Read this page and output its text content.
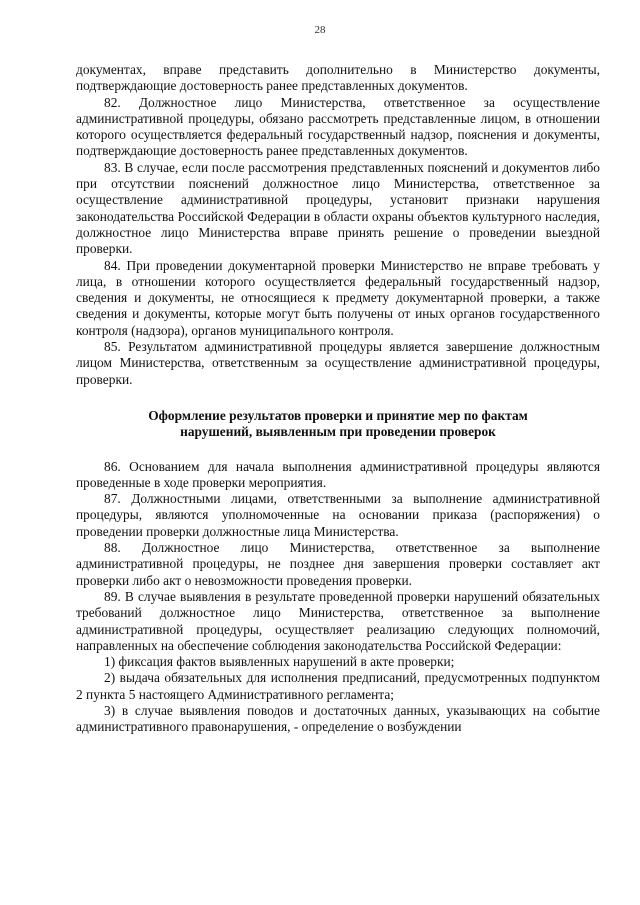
28

документах, вправе представить дополнительно в Министерство документы, подтверждающие достоверность ранее представленных документов.

82. Должностное лицо Министерства, ответственное за осуществление административной процедуры, обязано рассмотреть представленные лицом, в отношении которого осуществляется федеральный государственный надзор, пояснения и документы, подтверждающие достоверность ранее представленных документов.

83. В случае, если после рассмотрения представленных пояснений и документов либо при отсутствии пояснений должностное лицо Министерства, ответственное за осуществление административной процедуры, установит признаки нарушения законодательства Российской Федерации в области охраны объектов культурного наследия, должностное лицо Министерства вправе принять решение о проведении выездной проверки.

84. При проведении документарной проверки Министерство не вправе требовать у лица, в отношении которого осуществляется федеральный государственный надзор, сведения и документы, не относящиеся к предмету документарной проверки, а также сведения и документы, которые могут быть получены от иных органов государственного контроля (надзора), органов муниципального контроля.

85. Результатом административной процедуры является завершение должностным лицом Министерства, ответственным за осуществление административной процедуры, проверки.

Оформление результатов проверки и принятие мер по фактам
нарушений, выявленным при проведении проверок

86. Основанием для начала выполнения административной процедуры являются проведенные в ходе проверки мероприятия.

87. Должностными лицами, ответственными за выполнение административной процедуры, являются уполномоченные на основании приказа (распоряжения) о проведении проверки должностные лица Министерства.

88. Должностное лицо Министерства, ответственное за выполнение административной процедуры, не позднее дня завершения проверки составляет акт проверки либо акт о невозможности проведения проверки.

89. В случае выявления в результате проведенной проверки нарушений обязательных требований должностное лицо Министерства, ответственное за выполнение административной процедуры, осуществляет реализацию следующих полномочий, направленных на обеспечение соблюдения законодательства Российской Федерации:

1) фиксация фактов выявленных нарушений в акте проверки;

2) выдача обязательных для исполнения предписаний, предусмотренных подпунктом 2 пункта 5 настоящего Административного регламента;

3) в случае выявления поводов и достаточных данных, указывающих на событие административного правонарушения, - определение о возбуждении
